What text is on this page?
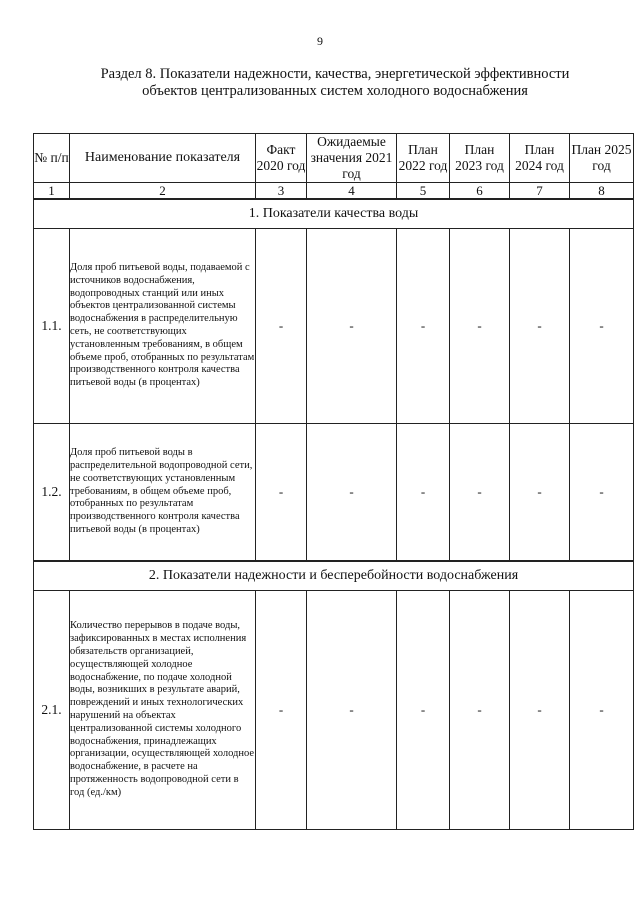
9
Раздел 8. Показатели надежности, качества, энергетической эффективности объектов централизованных систем холодного водоснабжения
№ п/п	Наименование показателя	Факт 2020 год	Ожидаемые значения 2021 год	План 2022 год	План 2023 год	План 2024 год	План 2025 год
1	2	3	4	5	6	7	8
1. Показатели качества воды							
1.1.	Доля проб питьевой воды, подаваемой с источников водоснабжения, водопроводных станций или иных объектов централизованной системы водоснабжения в распределительную сеть, не соответствующих установленным требованиям, в общем объеме проб, отобранных по результатам производственного контроля качества питьевой воды (в процентах)	-	-	-	-	-	-
1.2.	Доля проб питьевой воды в распределительной водопроводной сети, не соответствующих установленным требованиям, в общем объеме проб, отобранных по результатам производственного контроля качества питьевой воды (в процентах)	-	-	-	-	-	-
2. Показатели надежности и бесперебойности водоснабжения							
2.1.	Количество перерывов в подаче воды, зафиксированных в местах исполнения обязательств организацией, осуществляющей холодное водоснабжение, по подаче холодной воды, возникших в результате аварий, повреждений и иных технологических нарушений на объектах централизованной системы холодного водоснабжения, принадлежащих организации, осуществляющей холодное водоснабжение, в расчете на протяженность водопроводной сети в год (ед./км)	-	-	-	-	-	-
